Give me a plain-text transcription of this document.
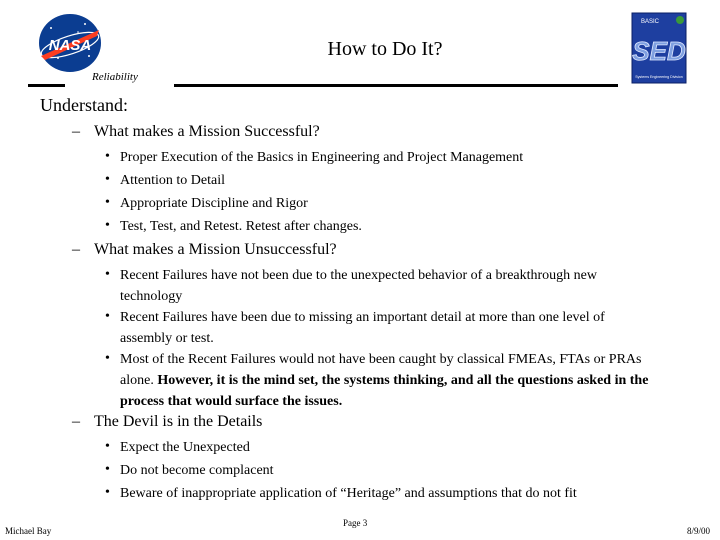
NASA
BASIC
SED
Systems Engineering Division
How to Do It?
Reliability
Understand:
– What makes a Mission Successful?
• Proper Execution of the Basics in Engineering and Project Management
• Attention to Detail
• Appropriate Discipline and Rigor
• Test, Test, and Retest. Retest after changes.
– What makes a Mission Unsuccessful?
• Recent Failures have not been due to the unexpected behavior of a breakthrough new technology
• Recent Failures have been due to missing an important detail at more than one level of assembly or test.
• Most of the Recent Failures would not have been caught by classical FMEAs, FTAs or PRAs alone. However, it is the mind set, the systems thinking, and all the questions asked in the process that would surface the issues.
– The Devil is in the Details
• Expect the Unexpected
• Do not become complacent
• Beware of inappropriate application of “Heritage” and assumptions that do not fit
Michael Bay
Page 3
8/9/00
